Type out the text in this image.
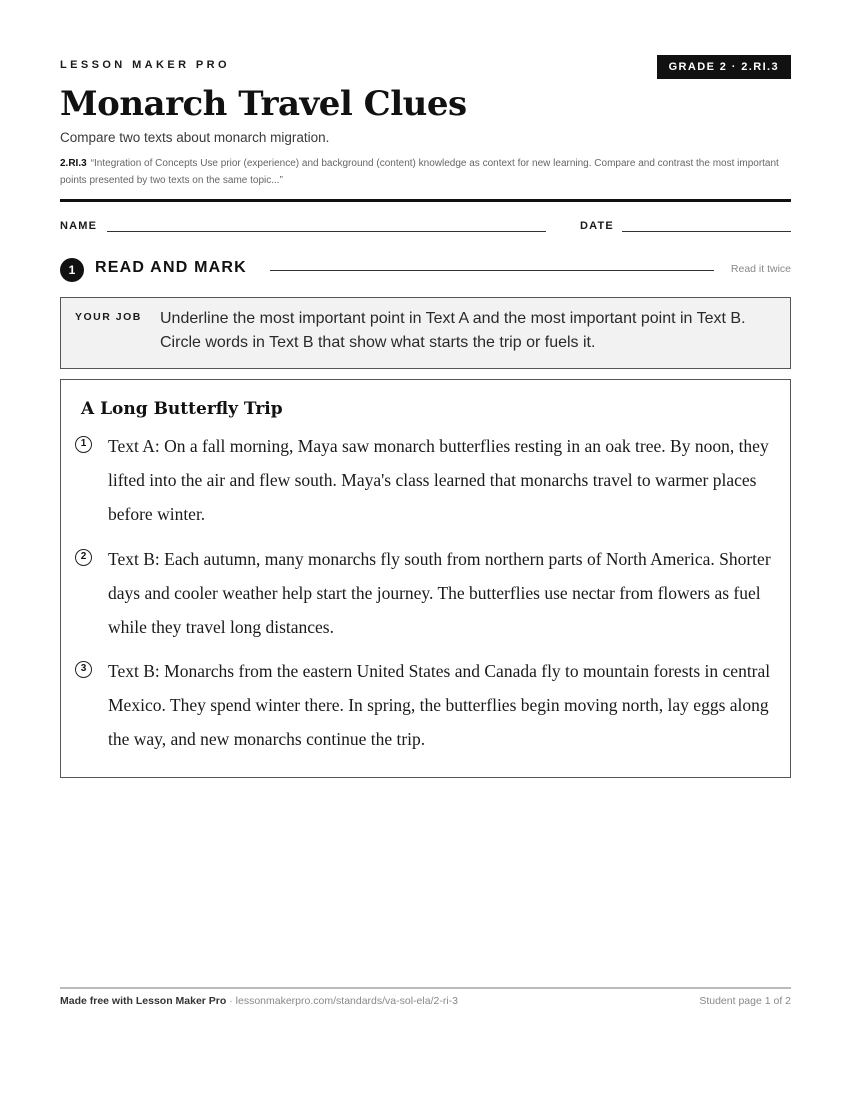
LESSON MAKER PRO	GRADE 2 · 2.RI.3
Monarch Travel Clues
Compare two texts about monarch migration.
2.RI.3 “Integration of Concepts Use prior (experience) and background (content) knowledge as context for new learning. Compare and contrast the most important points presented by two texts on the same topic...”
NAME	DATE
1	READ AND MARK	Read it twice
YOUR JOB Underline the most important point in Text A and the most important point in Text B. Circle words in Text B that show what starts the trip or fuels it.
A Long Butterfly Trip
1	Text A: On a fall morning, Maya saw monarch butterflies resting in an oak tree. By noon, they lifted into the air and flew south. Maya's class learned that monarchs travel to warmer places before winter.
2	Text B: Each autumn, many monarchs fly south from northern parts of North America. Shorter days and cooler weather help start the journey. The butterflies use nectar from flowers as fuel while they travel long distances.
3	Text B: Monarchs from the eastern United States and Canada fly to mountain forests in central Mexico. They spend winter there. In spring, the butterflies begin moving north, lay eggs along the way, and new monarchs continue the trip.
Made free with Lesson Maker Pro · lessonmakerpro.com/standards/va-sol-ela/2-ri-3	Student page 1 of 2
